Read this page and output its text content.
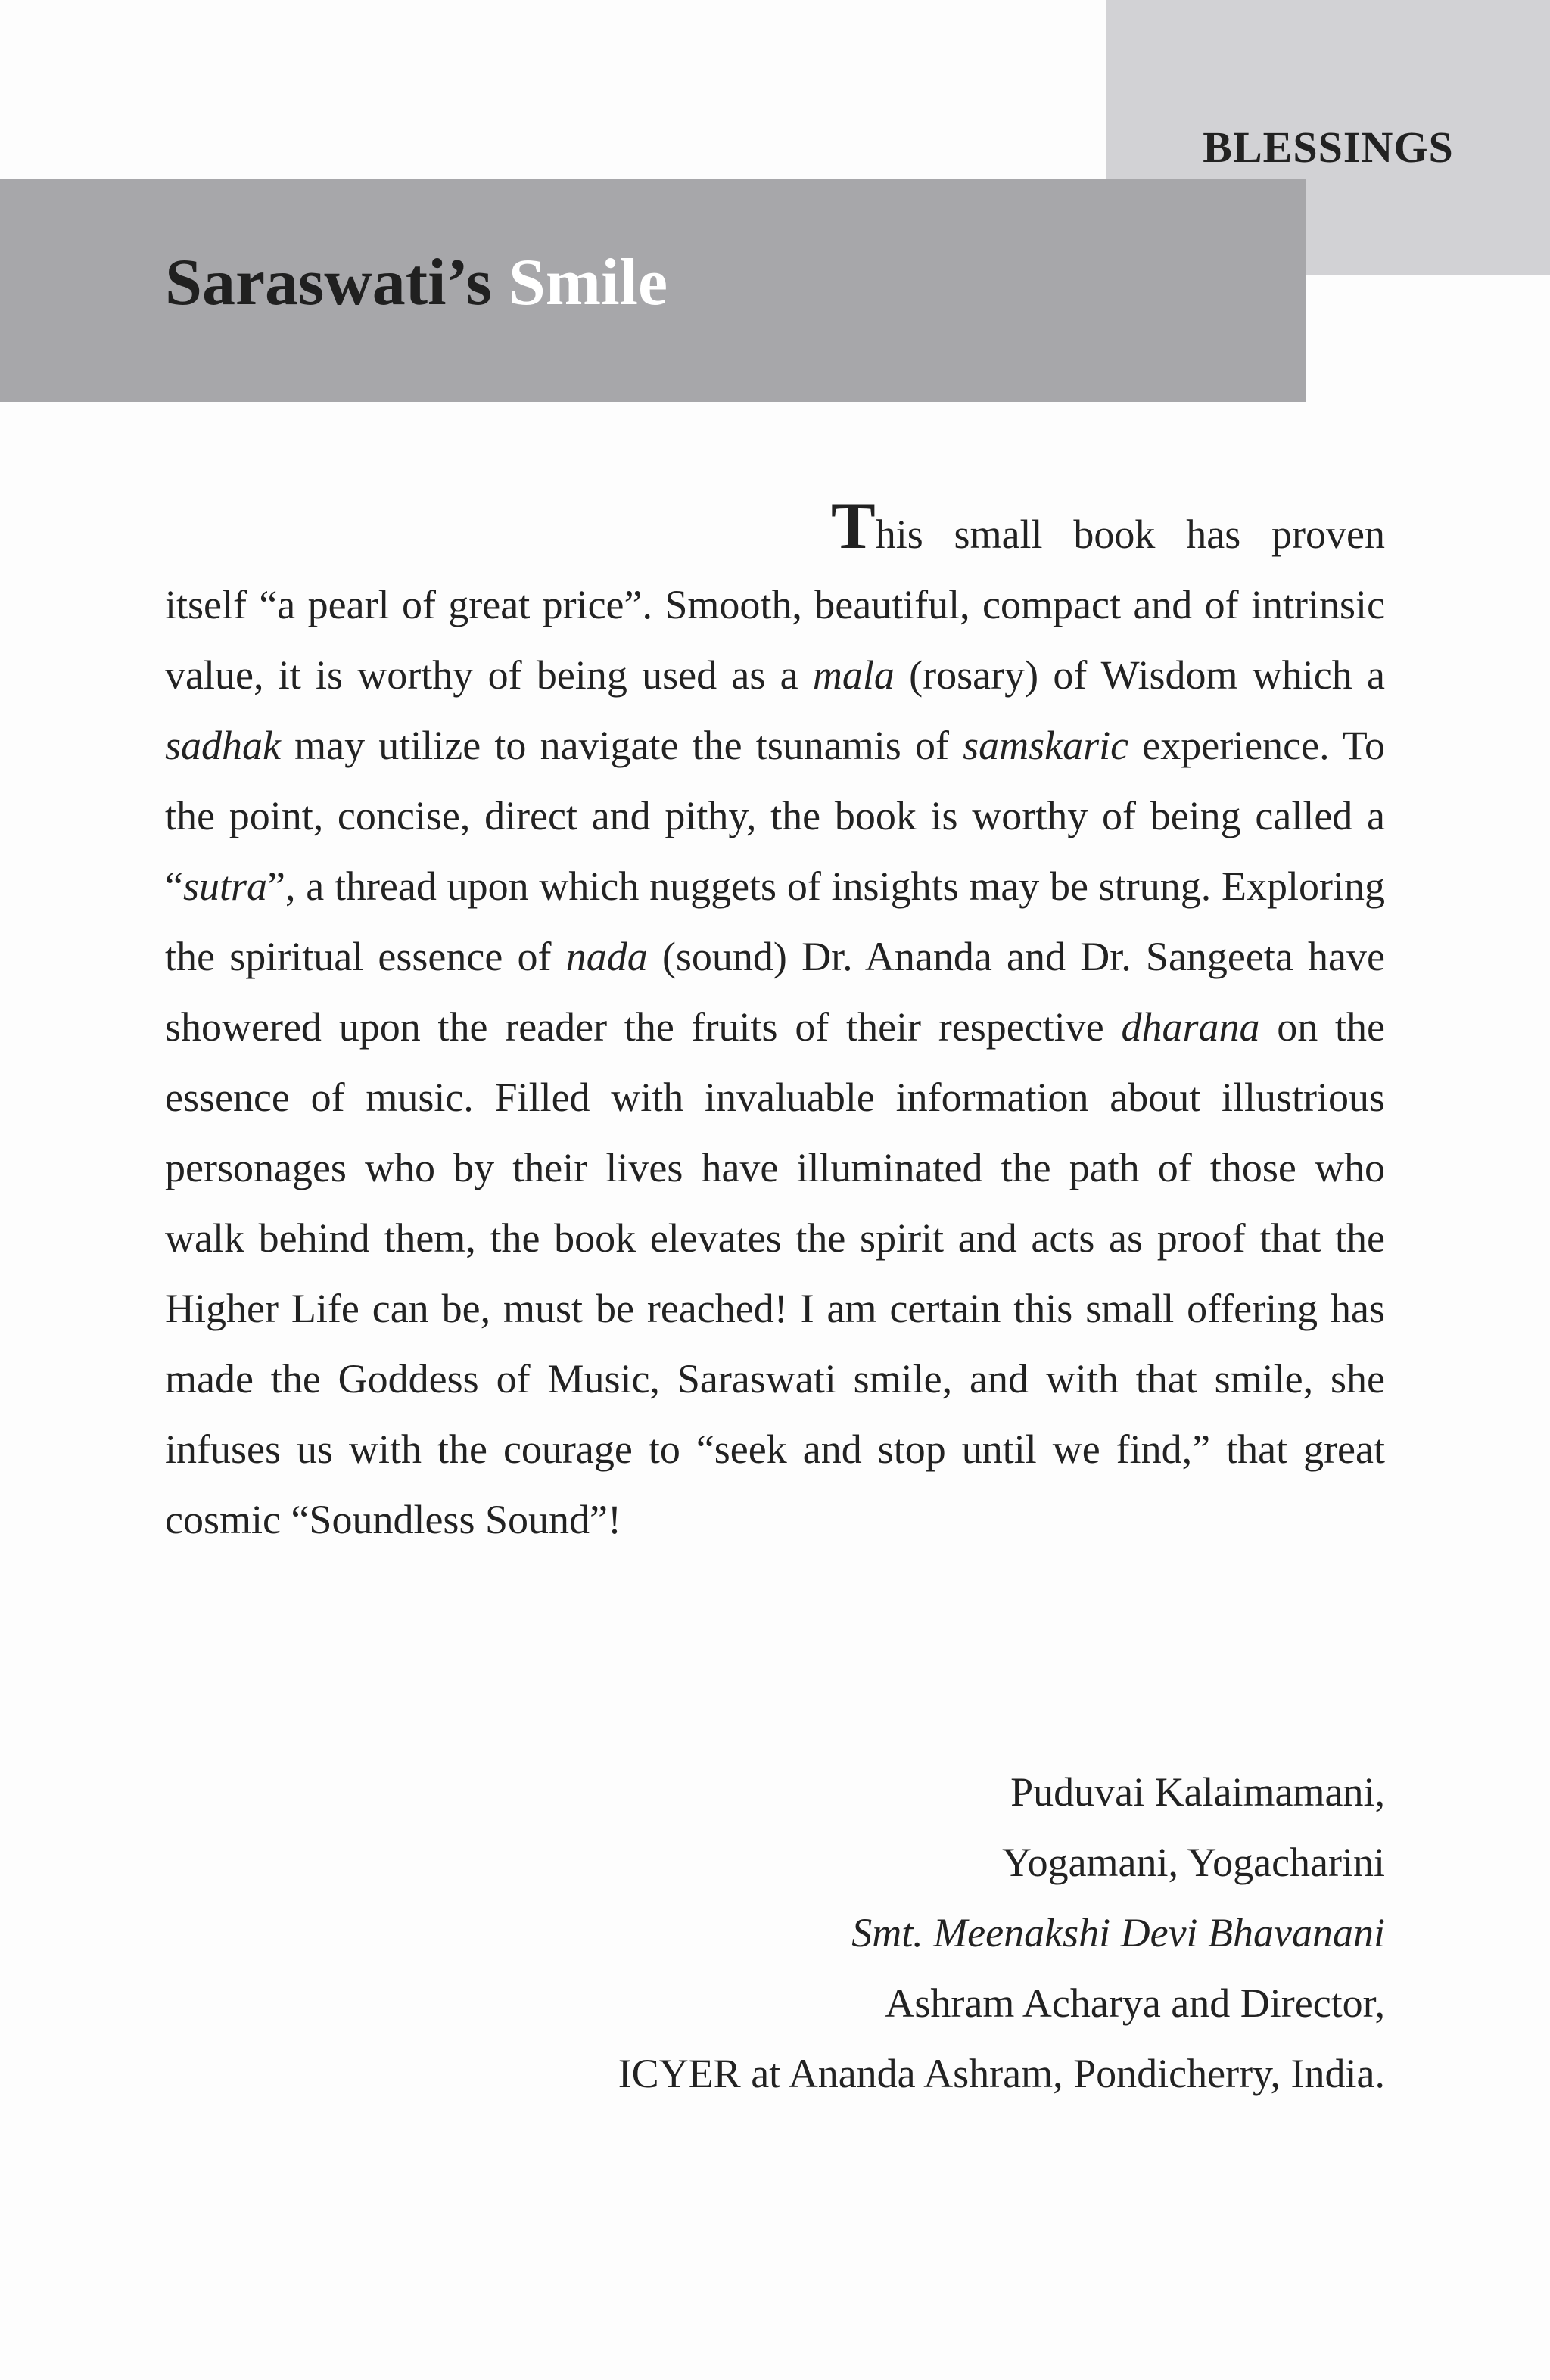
BLESSINGS
Saraswati’s Smile

This small book has proven itself “a pearl of great price”. Smooth, beautiful, compact and of intrinsic value, it is worthy of being used as a mala (rosary) of Wisdom which a sadhak may utilize to navigate the tsunamis of samskaric experience. To the point, concise, direct and pithy, the book is worthy of being called a “sutra”, a thread upon which nuggets of insights may be strung. Exploring the spiritual essence of nada (sound) Dr. Ananda and Dr. Sangeeta have showered upon the reader the fruits of their respective dharana on the essence of music. Filled with invaluable information about illustrious personages who by their lives have illuminated the path of those who walk behind them, the book elevates the spirit and acts as proof that the Higher Life can be, must be reached! I am certain this small offering has made the Goddess of Music, Saraswati smile, and with that smile, she infuses us with the courage to “seek and stop until we find,” that great cosmic “Soundless Sound”!

Puduvai Kalaimamani,
Yogamani, Yogacharini
Smt. Meenakshi Devi Bhavanani
Ashram Acharya and Director,
ICYER at Ananda Ashram, Pondicherry, India.
